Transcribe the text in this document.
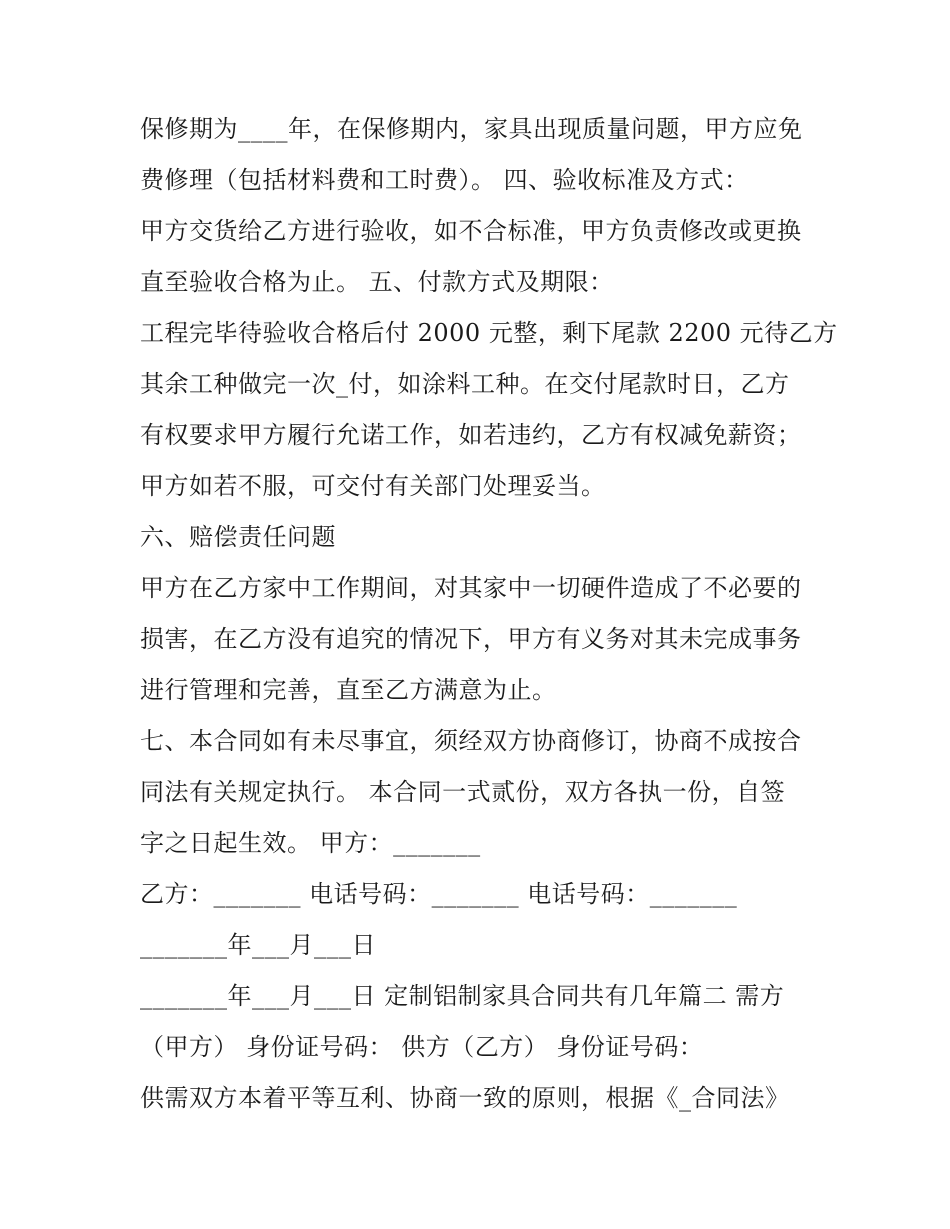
保修期为____年，在保修期内，家具出现质量问题，甲方应免
费修理（包括材料费和工时费）。 四、验收标准及方式：
甲方交货给乙方进行验收，如不合标准，甲方负责修改或更换
直至验收合格为止。 五、付款方式及期限：
工程完毕待验收合格后付 2000 元整，剩下尾款 2200 元待乙方
其余工种做完一次_付，如涂料工种。在交付尾款时日，乙方
有权要求甲方履行允诺工作，如若违约，乙方有权减免薪资；
甲方如若不服，可交付有关部门处理妥当。
六、赔偿责任问题
甲方在乙方家中工作期间，对其家中一切硬件造成了不必要的
损害，在乙方没有追究的情况下，甲方有义务对其未完成事务
进行管理和完善，直至乙方满意为止。
七、本合同如有未尽事宜，须经双方协商修订，协商不成按合
同法有关规定执行。 本合同一式贰份，双方各执一份，自签
字之日起生效。 甲方：_______
乙方：_______ 电话号码：_______ 电话号码：_______
_______年___月___日
_______年___月___日 定制铝制家具合同共有几年篇二 需方
（甲方） 身份证号码： 供方（乙方） 身份证号码：
供需双方本着平等互利、协商一致的原则，根据《_合同法》
